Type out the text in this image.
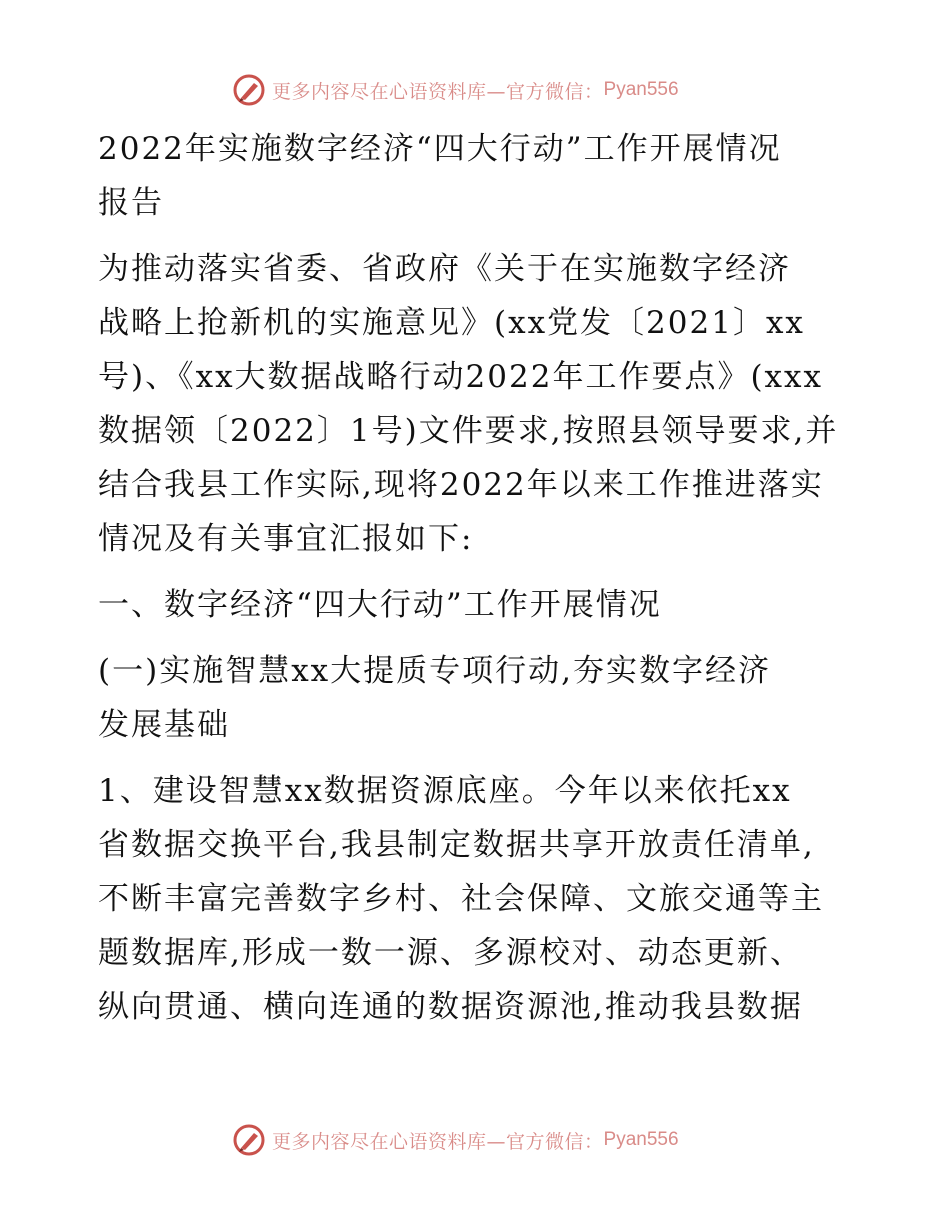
更多内容尽在心语资料库—官方微信： Pyan556
2022年实施数字经济“四大行动”工作开展情况
报告
为推动落实省委、省政府《关于在实施数字经济
战略上抢新机的实施意见》(xx党发〔2021〕xx
号)、《xx大数据战略行动2022年工作要点》(xxx
数据领〔2022〕1号)文件要求,按照县领导要求,并
结合我县工作实际,现将2022年以来工作推进落实
情况及有关事宜汇报如下:
一、数字经济“四大行动”工作开展情况
(一)实施智慧xx大提质专项行动,夯实数字经济
发展基础
1、建设智慧xx数据资源底座。今年以来依托xx
省数据交换平台,我县制定数据共享开放责任清单,
不断丰富完善数字乡村、社会保障、文旅交通等主
题数据库,形成一数一源、多源校对、动态更新、
纵向贯通、横向连通的数据资源池,推动我县数据
更多内容尽在心语资料库—官方微信： Pyan556
